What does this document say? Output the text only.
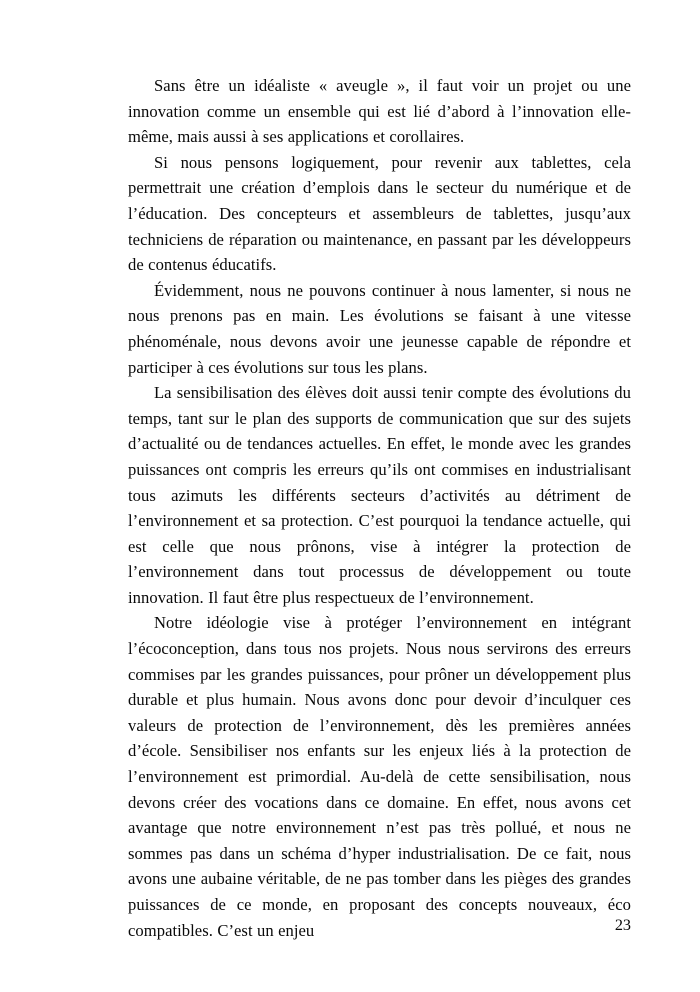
Sans être un idéaliste « aveugle », il faut voir un projet ou une innovation comme un ensemble qui est lié d’abord à l’innovation elle-même, mais aussi à ses applications et corollaires.

Si nous pensons logiquement, pour revenir aux tablettes, cela permettrait une création d’emplois dans le secteur du numérique et de l’éducation. Des concepteurs et assembleurs de tablettes, jusqu’aux techniciens de réparation ou maintenance, en passant par les développeurs de contenus éducatifs.

Évidemment, nous ne pouvons continuer à nous lamenter, si nous ne nous prenons pas en main. Les évolutions se faisant à une vitesse phénoménale, nous devons avoir une jeunesse capable de répondre et participer à ces évolutions sur tous les plans.

La sensibilisation des élèves doit aussi tenir compte des évolutions du temps, tant sur le plan des supports de communication que sur des sujets d’actualité ou de tendances actuelles. En effet, le monde avec les grandes puissances ont compris les erreurs qu’ils ont commises en industrialisant tous azimuts les différents secteurs d’activités au détriment de l’environnement et sa protection. C’est pourquoi la tendance actuelle, qui est celle que nous prônons, vise à intégrer la protection de l’environnement dans tout processus de développement ou toute innovation. Il faut être plus respectueux de l’environnement.

Notre idéologie vise à protéger l’environnement en intégrant l’écoconception, dans tous nos projets. Nous nous servirons des erreurs commises par les grandes puissances, pour prôner un développement plus durable et plus humain. Nous avons donc pour devoir d’inculquer ces valeurs de protection de l’environnement, dès les premières années d’école. Sensibiliser nos enfants sur les enjeux liés à la protection de l’environnement est primordial. Au-delà de cette sensibilisation, nous devons créer des vocations dans ce domaine. En effet, nous avons cet avantage que notre environnement n’est pas très pollué, et nous ne sommes pas dans un schéma d’hyper industrialisation. De ce fait, nous avons une aubaine véritable, de ne pas tomber dans les pièges des grandes puissances de ce monde, en proposant des concepts nouveaux, éco compatibles. C’est un enjeu	23
